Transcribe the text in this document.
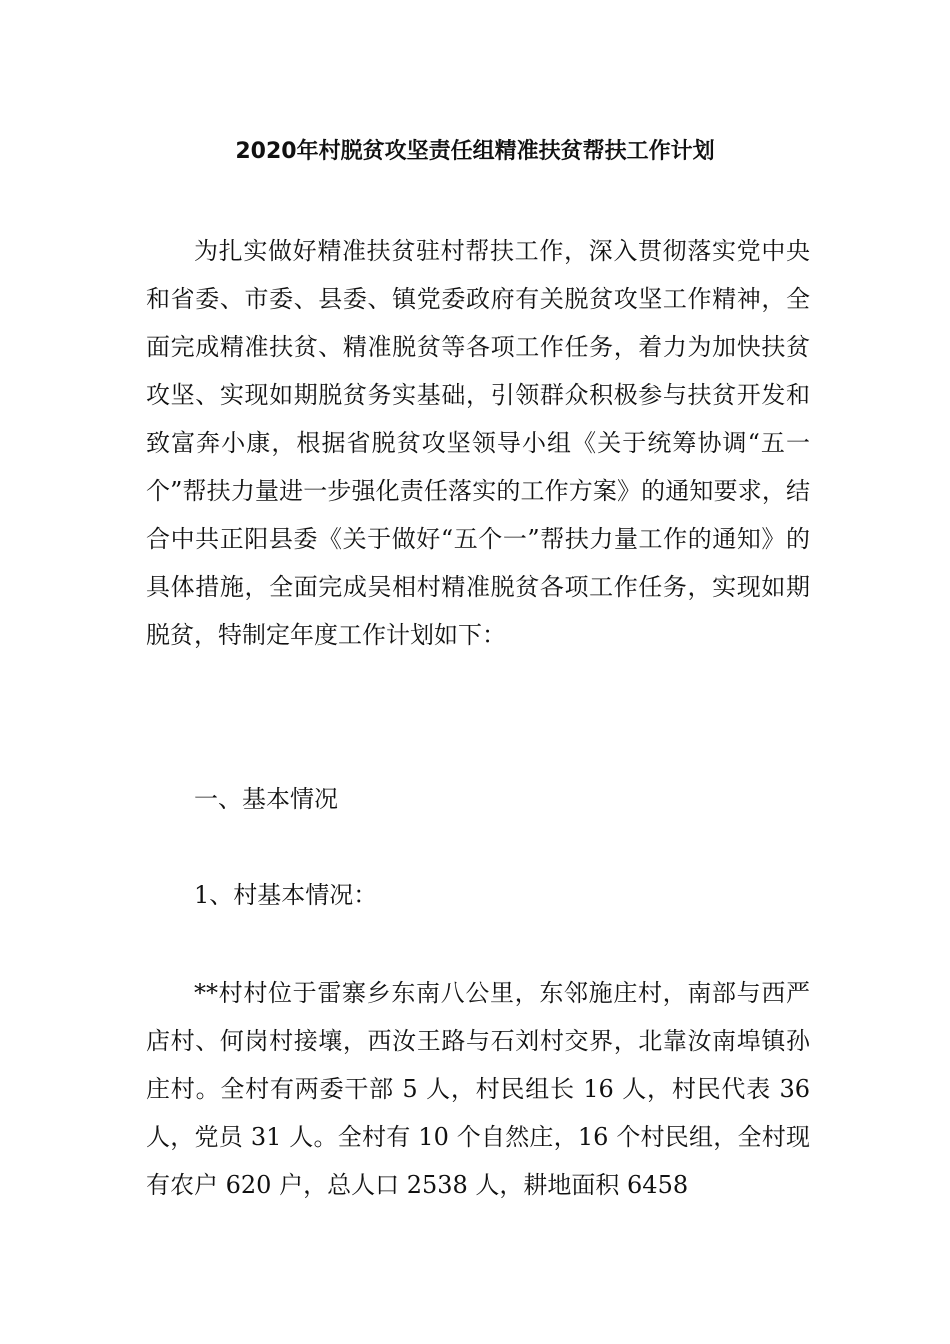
2020年村脱贫攻坚责任组精准扶贫帮扶工作计划

为扎实做好精准扶贫驻村帮扶工作，深入贯彻落实党中央和省委、市委、县委、镇党委政府有关脱贫攻坚工作精神，全面完成精准扶贫、精准脱贫等各项工作任务，着力为加快扶贫攻坚、实现如期脱贫务实基础，引领群众积极参与扶贫开发和致富奔小康，根据省脱贫攻坚领导小组《关于统筹协调“五一个”帮扶力量进一步强化责任落实的工作方案》的通知要求，结合中共正阳县委《关于做好“五个一”帮扶力量工作的通知》的具体措施，全面完成吴相村精准脱贫各项工作任务，实现如期脱贫，特制定年度工作计划如下：

一、基本情况

1、村基本情况：

**村村位于雷寨乡东南八公里，东邻施庄村，南部与西严店村、何岗村接壤，西汝王路与石刘村交界，北靠汝南埠镇孙庄村。全村有两委干部 5 人，村民组长 16 人，村民代表 36 人，党员 31 人。全村有 10 个自然庄，16 个村民组，全村现有农户 620 户，总人口 2538 人，耕地面积 6458
